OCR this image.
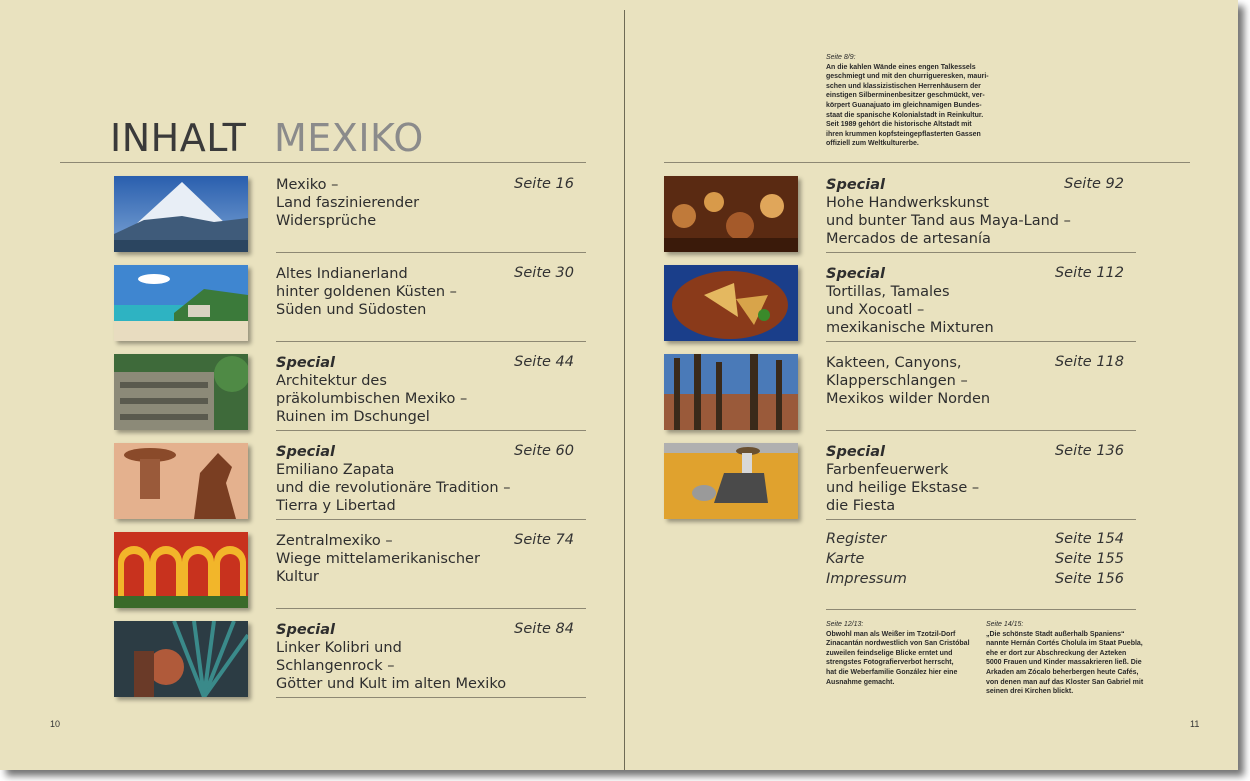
INHALT MEXIKO
Mexiko –
Land faszinierender
Widersprüche
Seite 16
Altes Indianerland
hinter goldenen Küsten –
Süden und Südosten
Seite 30
Special
Architektur des
präkolumbischen Mexiko –
Ruinen im Dschungel
Seite 44
Special
Emiliano Zapata
und die revolutionäre Tradition –
Tierra y Libertad
Seite 60
Zentralmexiko –
Wiege mittelamerikanischer
Kultur
Seite 74
Special
Linker Kolibri und
Schlangenrock –
Götter und Kult im alten Mexiko
Seite 84
10
Seite 8/9:
An die kahlen Wände eines engen Talkessels
geschmiegt und mit den churrigueresken, mauri-
schen und klassizistischen Herrenhäusern der
einstigen Silberminenbesitzer geschmückt, ver-
körpert Guanajuato im gleichnamigen Bundes-
staat die spanische Kolonialstadt in Reinkultur.
Seit 1989 gehört die historische Altstadt mit
ihren krummen kopfsteingepflasterten Gassen
offiziell zum Weltkulturerbe.
Special
Hohe Handwerkskunst
und bunter Tand aus Maya-Land –
Mercados de artesanía
Seite 92
Special
Tortillas, Tamales
und Xocoatl –
mexikanische Mixturen
Seite 112
Kakteen, Canyons,
Klapperschlangen –
Mexikos wilder Norden
Seite 118
Special
Farbenfeuerwerk
und heilige Ekstase –
die Fiesta
Seite 136
Register	Seite 154
Karte	Seite 155
Impressum	Seite 156
Seite 12/13:
Obwohl man als Weißer im Tzotzil-Dorf
Zinacantán nordwestlich von San Cristóbal
zuweilen feindselige Blicke erntet und
strengstes Fotografierverbot herrscht,
hat die Weberfamilie González hier eine
Ausnahme gemacht.
Seite 14/15:
„Die schönste Stadt außerhalb Spaniens“
nannte Hernán Cortés Cholula im Staat Puebla,
ehe er dort zur Abschreckung der Azteken
5000 Frauen und Kinder massakrieren ließ. Die
Arkaden am Zócalo beherbergen heute Cafés,
von denen man auf das Kloster San Gabriel mit
seinen drei Kirchen blickt.
11
